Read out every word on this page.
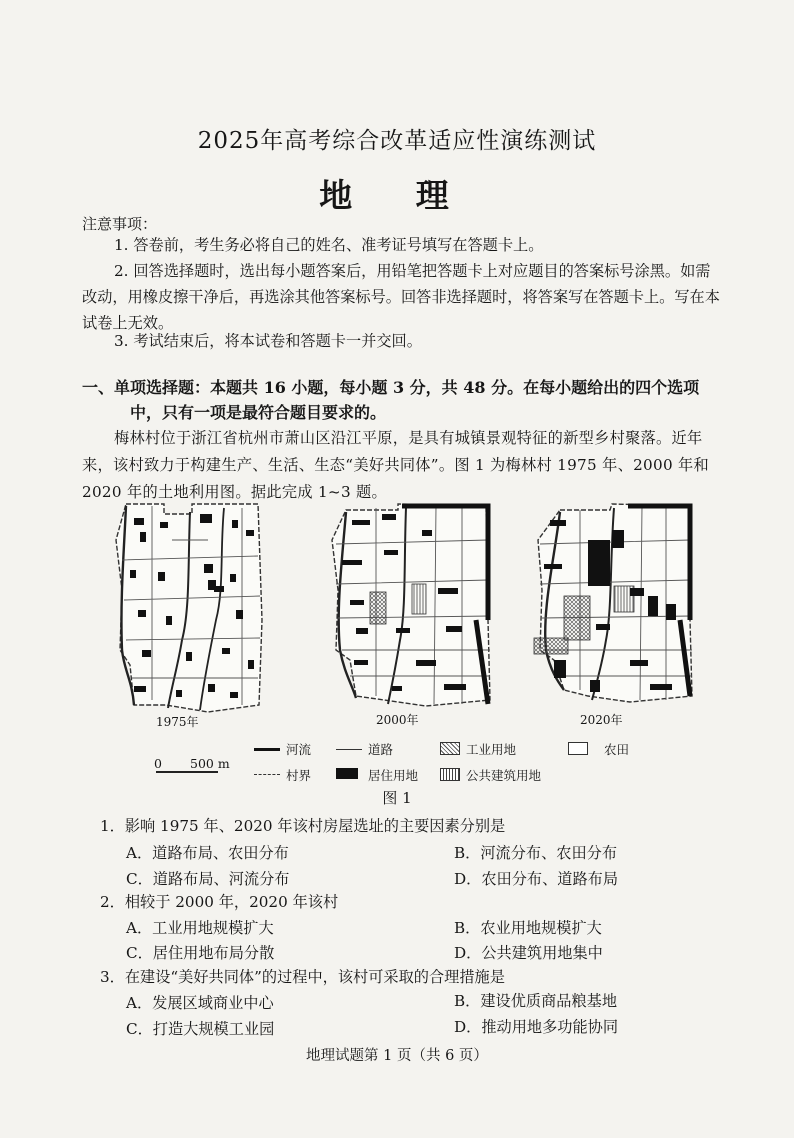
2025年高考综合改革适应性演练测试
地 理
注意事项：
1. 答卷前，考生务必将自己的姓名、准考证号填写在答题卡上。
2. 回答选择题时，选出每小题答案后，用铅笔把答题卡上对应题目的答案标号涂黑。如需改动，用橡皮擦干净后，再选涂其他答案标号。回答非选择题时，将答案写在答题卡上。写在本试卷上无效。
3. 考试结束后，将本试卷和答题卡一并交回。
一、单项选择题：本题共 16 小题，每小题 3 分，共 48 分。在每小题给出的四个选项
中，只有一项是最符合题目要求的。
梅林村位于浙江省杭州市萧山区沿江平原，是具有城镇景观特征的新型乡村聚落。近年来，该村致力于构建生产、生活、生态“美好共同体”。图 1 为梅林村 1975 年、2000 年和 2020 年的土地利用图。据此完成 1~3 题。
1975年	2000年	2020年
0 500 m
河流	道路	工业用地	农田
村界	居住用地	公共建筑用地
图 1
1．影响 1975 年、2020 年该村房屋选址的主要因素分别是
A．道路布局、农田分布	B．河流分布、农田分布
C．道路布局、河流分布	D．农田分布、道路布局
2．相较于 2000 年，2020 年该村
A．工业用地规模扩大	B．农业用地规模扩大
C．居住用地布局分散	D．公共建筑用地集中
3．在建设“美好共同体”的过程中，该村可采取的合理措施是
A．发展区域商业中心	B．建设优质商品粮基地
C．打造大规模工业园	D．推动用地多功能协同
地理试题第 1 页（共 6 页）
